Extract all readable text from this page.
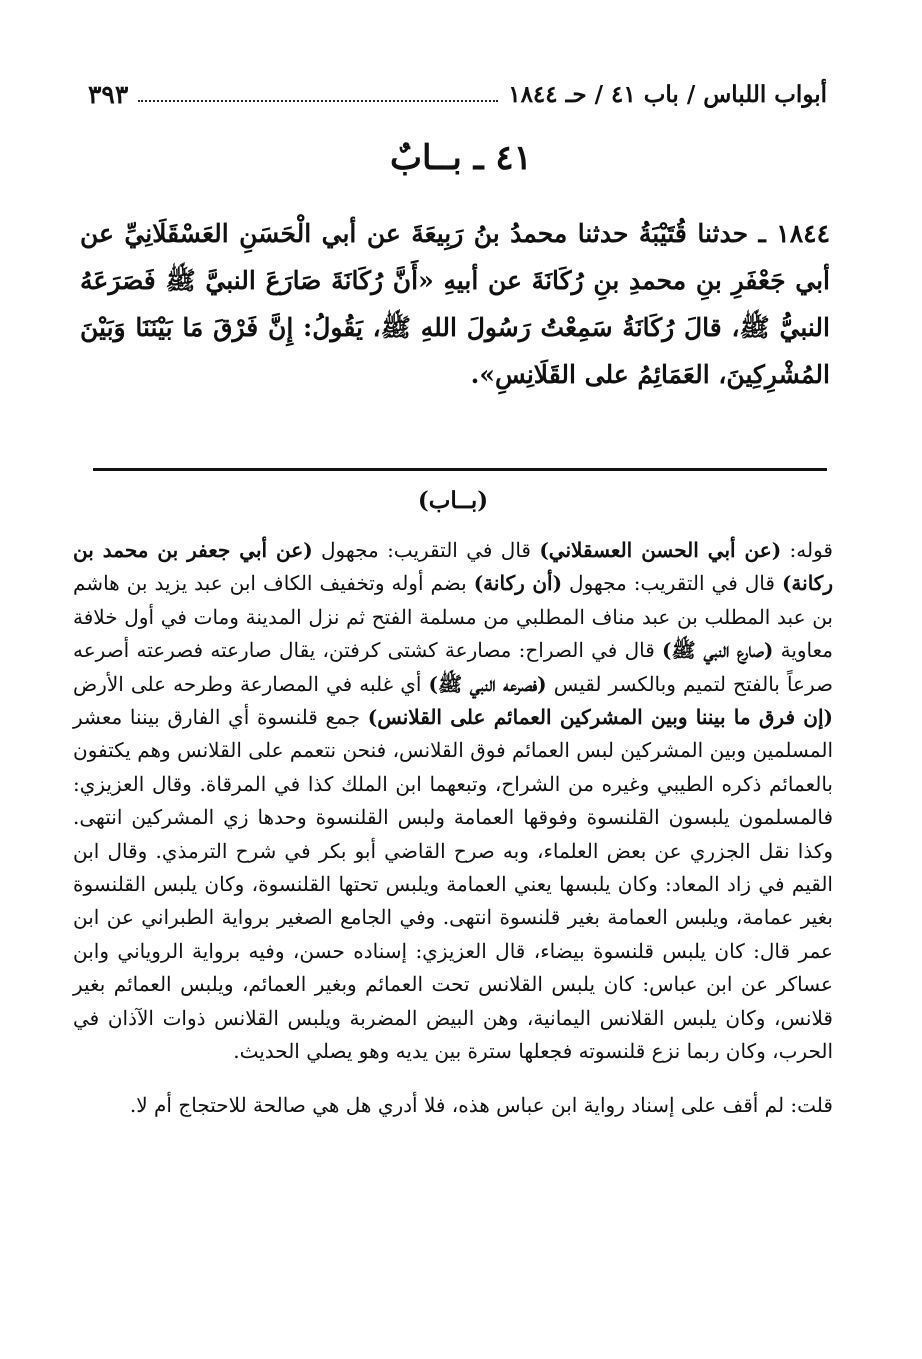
أبواب اللباس / باب ٤١ / حـ ١٨٤٤
٣٩٣
٤١ ـ بــابٌ
١٨٤٤ ـ حدثنا قُتَيْبَةُ حدثنا محمدُ بنُ رَبِيعَةَ عن أبي الْحَسَنِ العَسْقَلَانِيِّ عن أبي جَعْفَرِ بنِ محمدِ بنِ رُكَانَةَ عن أبيهِ «أَنَّ رُكَانَةَ صَارَعَ النبيَّ ﷺ فَصَرَعَهُ النبيُّ ﷺ، قالَ رُكَانَةُ سَمِعْتُ رَسُولَ اللهِ ﷺ، يَقُولُ: إِنَّ فَرْقَ مَا بَيْنَنَا وَبَيْنَ المُشْرِكِينَ، العَمَائِمُ على القَلَانِسِ».
(بــاب)

قوله: (عن أبي الحسن العسقلاني) قال في التقريب: مجهول (عن أبي جعفر بن محمد بن ركانة) قال في التقريب: مجهول (أن ركانة) بضم أوله وتخفيف الكاف ابن عبد يزيد بن هاشم بن عبد المطلب بن عبد مناف المطلبي من مسلمة الفتح ثم نزل المدينة ومات في أول خلافة معاوية (صارع النبي ﷺ) قال في الصراح: مصارعة كشتى كرفتن، يقال صارعته فصرعته أصرعه صرعاً بالفتح لتميم وبالكسر لقيس (فصرعه النبي ﷺ) أي غلبه في المصارعة وطرحه على الأرض (إن فرق ما بيننا وبين المشركين العمائم على القلانس) جمع قلنسوة أي الفارق بيننا معشر المسلمين وبين المشركين لبس العمائم فوق القلانس، فنحن نتعمم على القلانس وهم يكتفون بالعمائم ذكره الطيبي وغيره من الشراح، وتبعهما ابن الملك كذا في المرقاة. وقال العزيزي: فالمسلمون يلبسون القلنسوة وفوقها العمامة ولبس القلنسوة وحدها زي المشركين انتهى. وكذا نقل الجزري عن بعض العلماء، وبه صرح القاضي أبو بكر في شرح الترمذي. وقال ابن القيم في زاد المعاد: وكان يلبسها يعني العمامة ويلبس تحتها القلنسوة، وكان يلبس القلنسوة بغير عمامة، ويلبس العمامة بغير قلنسوة انتهى. وفي الجامع الصغير برواية الطبراني عن ابن عمر قال: كان يلبس قلنسوة بيضاء، قال العزيزي: إسناده حسن، وفيه برواية الروياني وابن عساكر عن ابن عباس: كان يلبس القلانس تحت العمائم وبغير العمائم، ويلبس العمائم بغير قلانس، وكان يلبس القلانس اليمانية، وهن البيض المضربة ويلبس القلانس ذوات الآذان في الحرب، وكان ربما نزع قلنسوته فجعلها سترة بين يديه وهو يصلي الحديث.

قلت: لم أقف على إسناد رواية ابن عباس هذه، فلا أدري هل هي صالحة للاحتجاج أم لا.
